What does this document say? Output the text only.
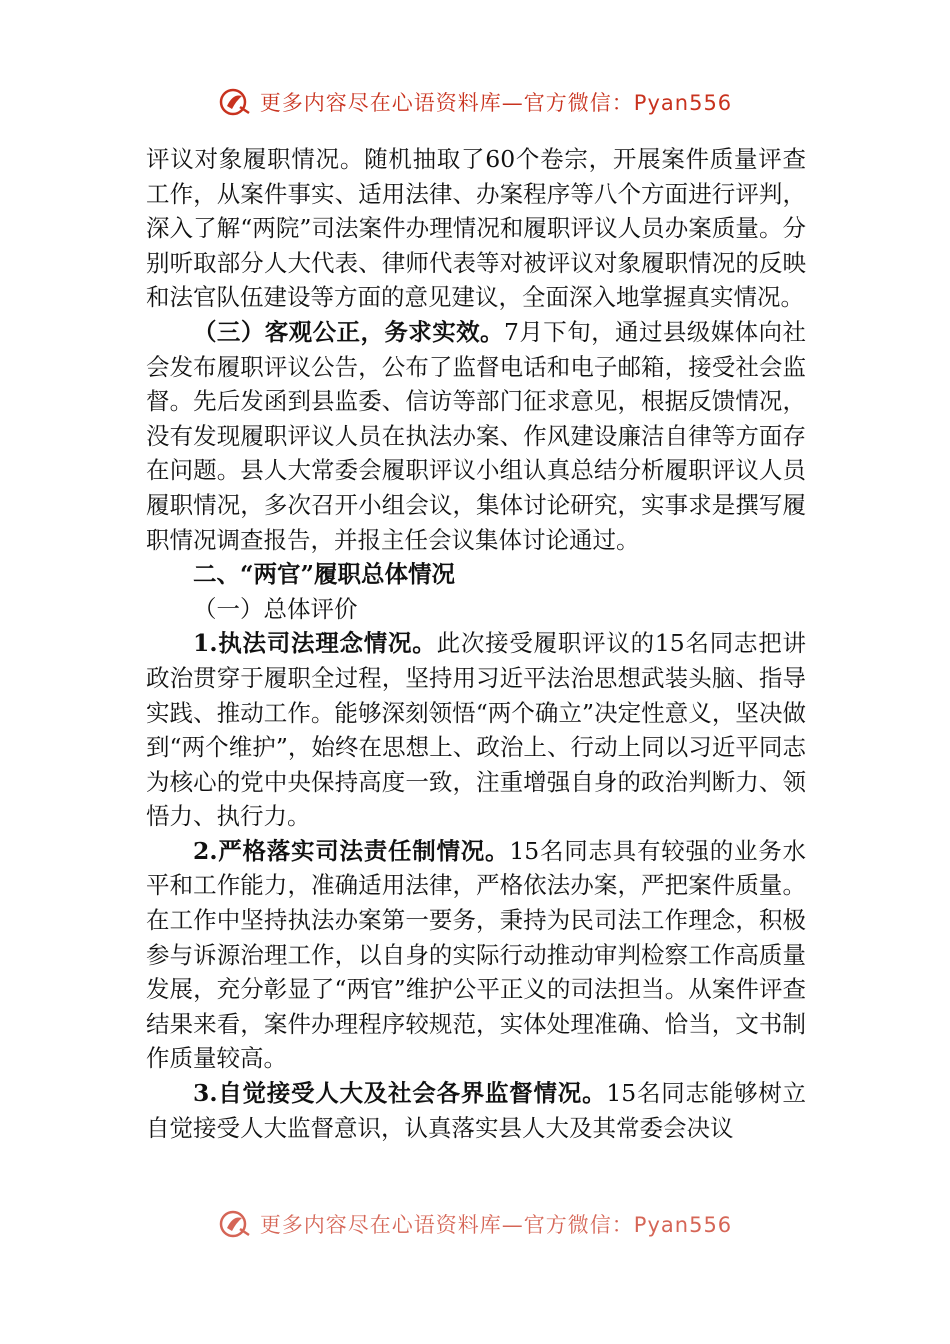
更多内容尽在心语资料库—官方微信：Pyan556

评议对象履职情况。随机抽取了60个卷宗，开展案件质量评查工作，从案件事实、适用法律、办案程序等八个方面进行评判，深入了解“两院”司法案件办理情况和履职评议人员办案质量。分别听取部分人大代表、律师代表等对被评议对象履职情况的反映和法官队伍建设等方面的意见建议，全面深入地掌握真实情况。

（三）客观公正，务求实效。7月下旬，通过县级媒体向社会发布履职评议公告，公布了监督电话和电子邮箱，接受社会监督。先后发函到县监委、信访等部门征求意见，根据反馈情况，没有发现履职评议人员在执法办案、作风建设廉洁自律等方面存在问题。县人大常委会履职评议小组认真总结分析履职评议人员履职情况，多次召开小组会议，集体讨论研究，实事求是撰写履职情况调查报告，并报主任会议集体讨论通过。

二、“两官”履职总体情况

（一）总体评价

1.执法司法理念情况。此次接受履职评议的15名同志把讲政治贯穿于履职全过程，坚持用习近平法治思想武装头脑、指导实践、推动工作。能够深刻领悟“两个确立”决定性意义，坚决做到“两个维护”，始终在思想上、政治上、行动上同以习近平同志为核心的党中央保持高度一致，注重增强自身的政治判断力、领悟力、执行力。

2.严格落实司法责任制情况。15名同志具有较强的业务水平和工作能力，准确适用法律，严格依法办案，严把案件质量。在工作中坚持执法办案第一要务，秉持为民司法工作理念，积极参与诉源治理工作，以自身的实际行动推动审判检察工作高质量发展，充分彰显了“两官”维护公平正义的司法担当。从案件评查结果来看，案件办理程序较规范，实体处理准确、恰当，文书制作质量较高。

3.自觉接受人大及社会各界监督情况。15名同志能够树立自觉接受人大监督意识，认真落实县人大及其常委会决议

更多内容尽在心语资料库—官方微信：Pyan556
